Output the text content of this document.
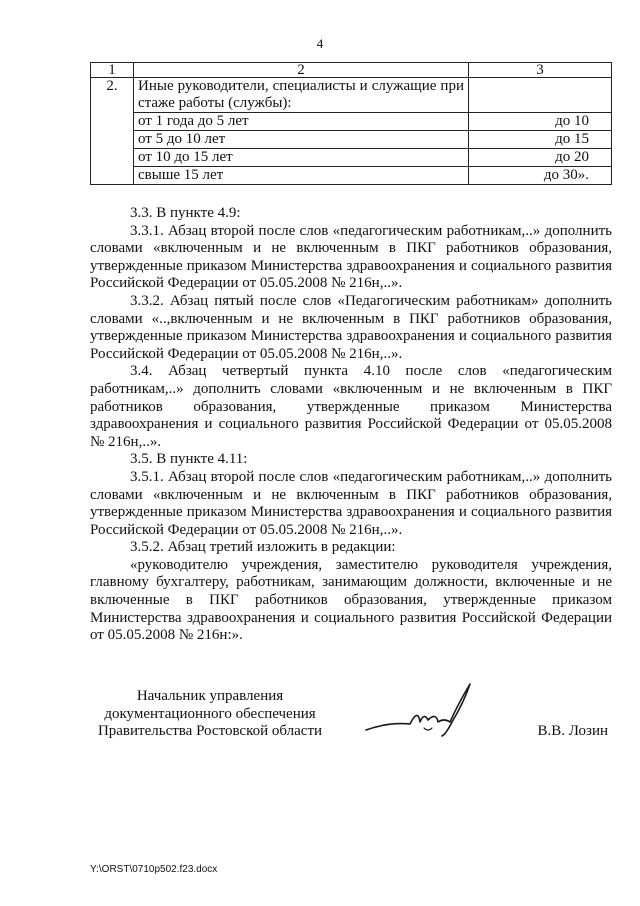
4
1	2	3
2.	Иные руководители, специалисты и служащие при стаже работы (службы):	
	от 1 года до 5 лет	до 10
	от 5 до 10 лет	до 15
	от 10 до 15 лет	до 20
	свыше 15 лет	до 30».

3.3. В пункте 4.9:

3.3.1. Абзац второй после слов «педагогическим работникам,..» дополнить словами «включенным и не включенным в ПКГ работников образования, утвержденные приказом Министерства здравоохранения и социального развития Российской Федерации от 05.05.2008 № 216н,..».

3.3.2. Абзац пятый после слов «Педагогическим работникам» дополнить словами «..,включенным и не включенным в ПКГ работников образования, утвержденные приказом Министерства здравоохранения и социального развития Российской Федерации от 05.05.2008 № 216н,..».

3.4. Абзац четвертый пункта 4.10 после слов «педагогическим работникам,..» дополнить словами «включенным и не включенным в ПКГ работников образования, утвержденные приказом Министерства здравоохранения и социального развития Российской Федерации от 05.05.2008 № 216н,..».

3.5. В пункте 4.11:

3.5.1. Абзац второй после слов «педагогическим работникам,..» дополнить словами «включенным и не включенным в ПКГ работников образования, утвержденные приказом Министерства здравоохранения и социального развития Российской Федерации от 05.05.2008 № 216н,..».

3.5.2. Абзац третий изложить в редакции:

«руководителю учреждения, заместителю руководителя учреждения, главному бухгалтеру, работникам, занимающим должности, включенные и не включенные в ПКГ работников образования, утвержденные приказом Министерства здравоохранения и социального развития Российской Федерации от 05.05.2008 № 216н:».

Начальник управления
документационного обеспечения
Правительства Ростовской области	В.В. Лозин
Y:\ORST\0710p502.f23.docx
